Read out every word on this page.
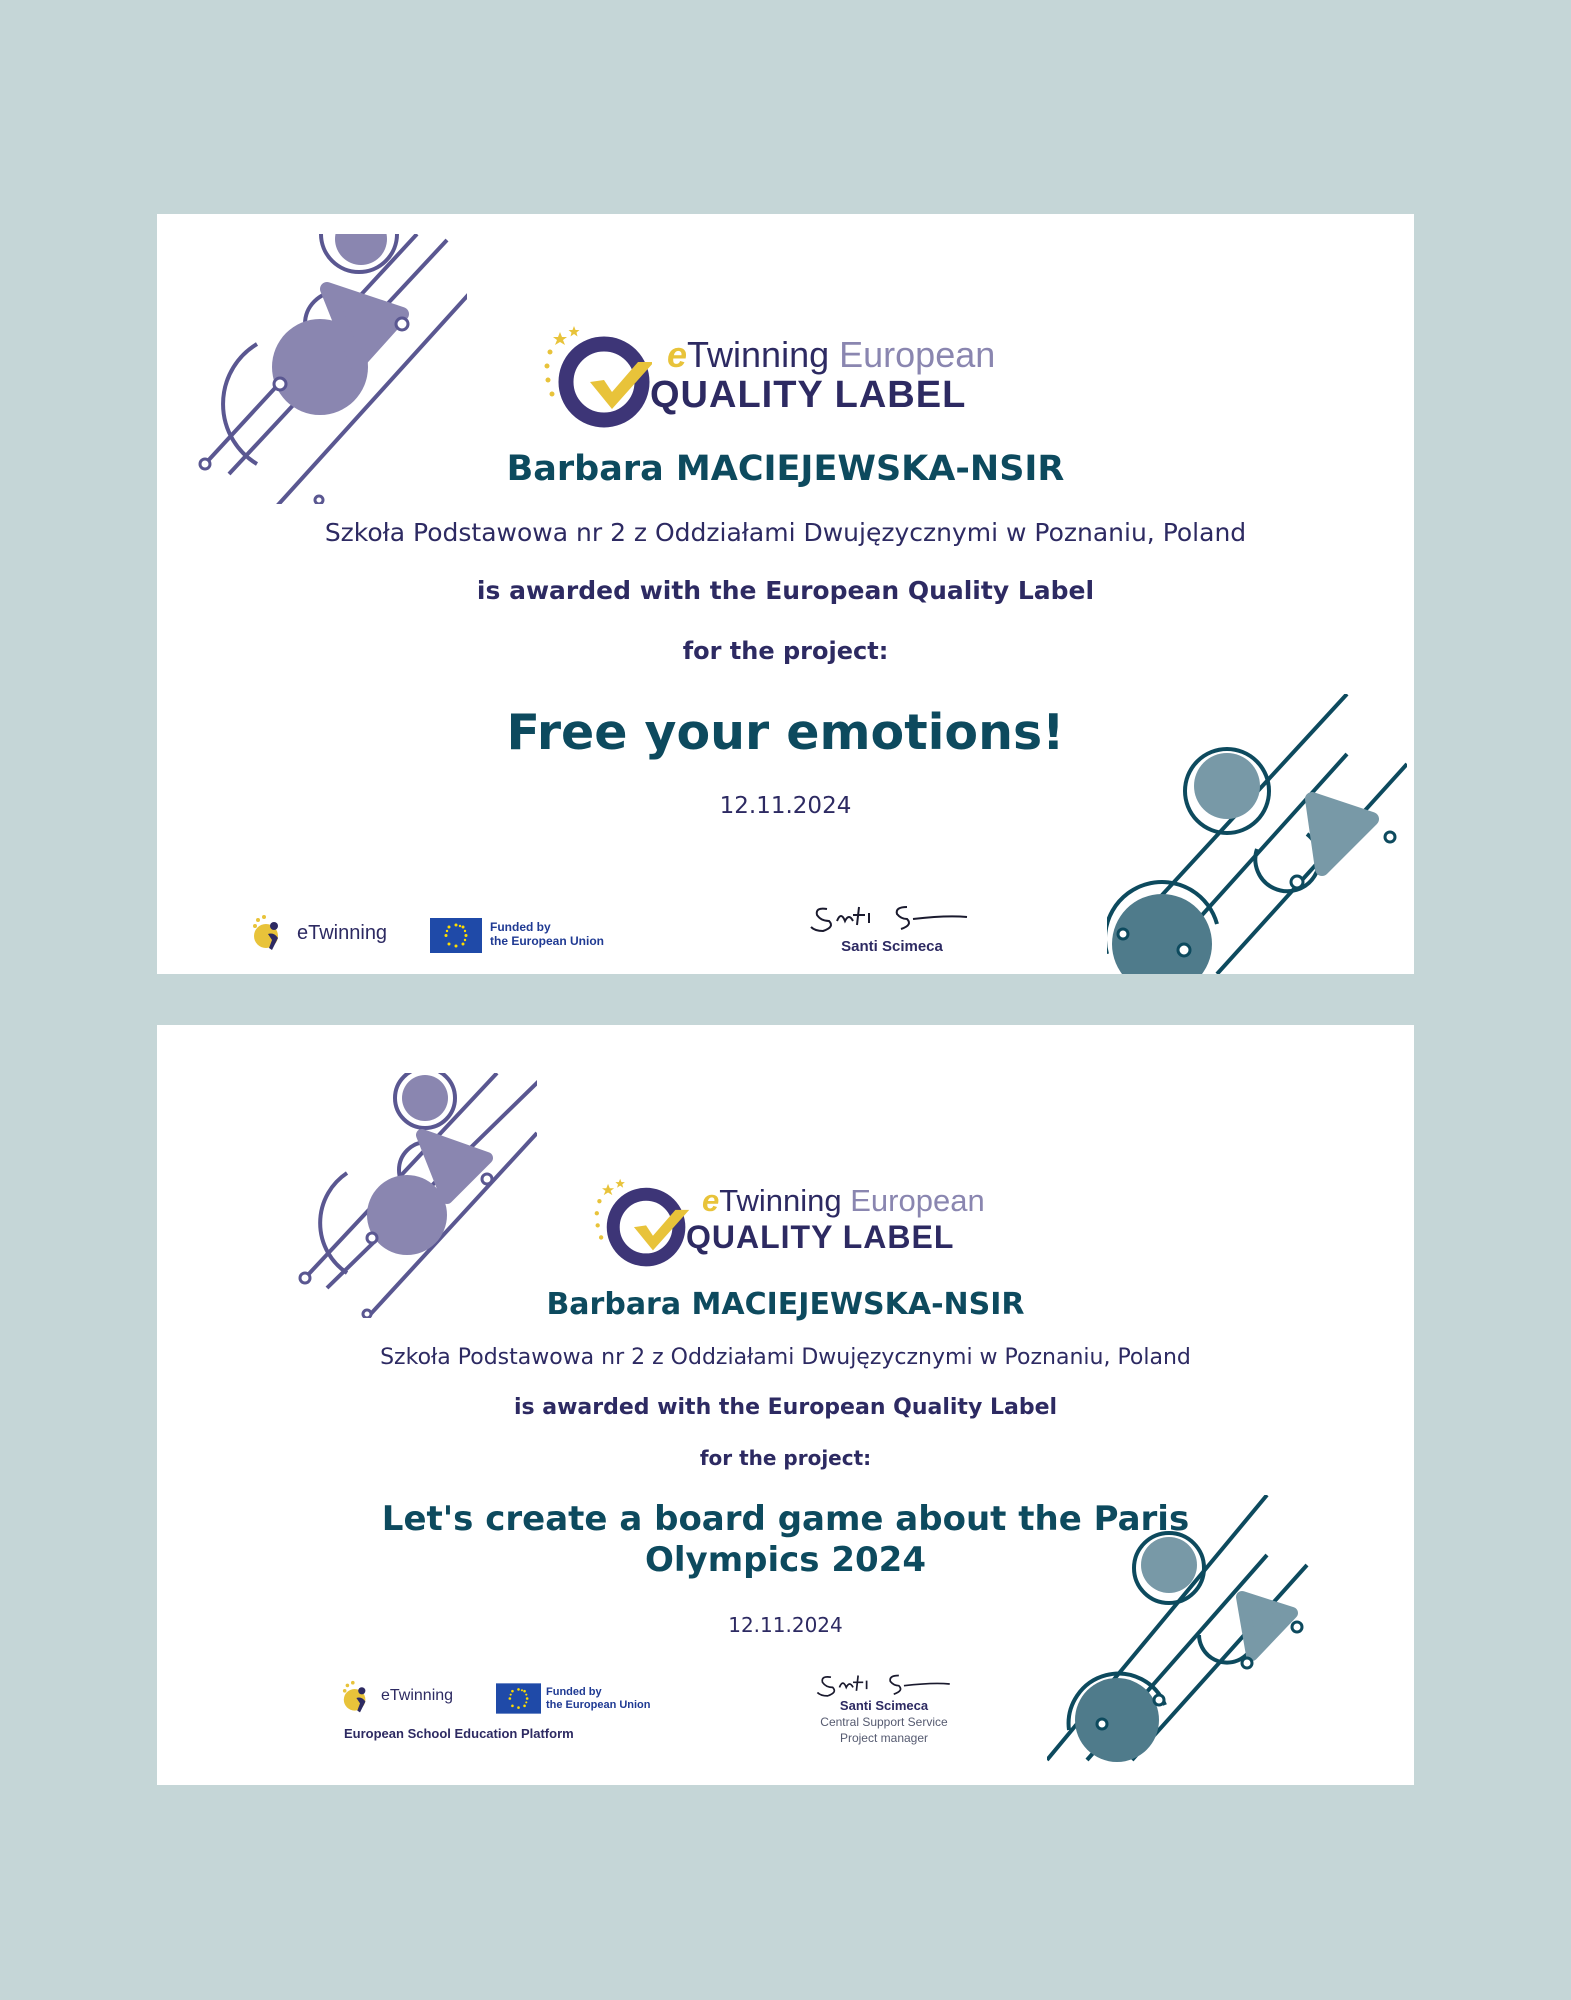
eTwinning European
QUALITY LABEL
Barbara MACIEJEWSKA-NSIR
Szkoła Podstawowa nr 2 z Oddziałami Dwujęzycznymi w Poznaniu, Poland
is awarded with the European Quality Label
for the project:
Free your emotions!
12.11.2024
eTwinning	Funded by
the European Union	Santi Scimeca
eTwinning European
QUALITY LABEL
Barbara MACIEJEWSKA-NSIR
Szkoła Podstawowa nr 2 z Oddziałami Dwujęzycznymi w Poznaniu, Poland
is awarded with the European Quality Label
for the project:
Let's create a board game about the Paris Olympics 2024
12.11.2024
eTwinning	Funded by
the European Union
European School Education Platform
Santi Scimeca
Central Support Service
Project manager
